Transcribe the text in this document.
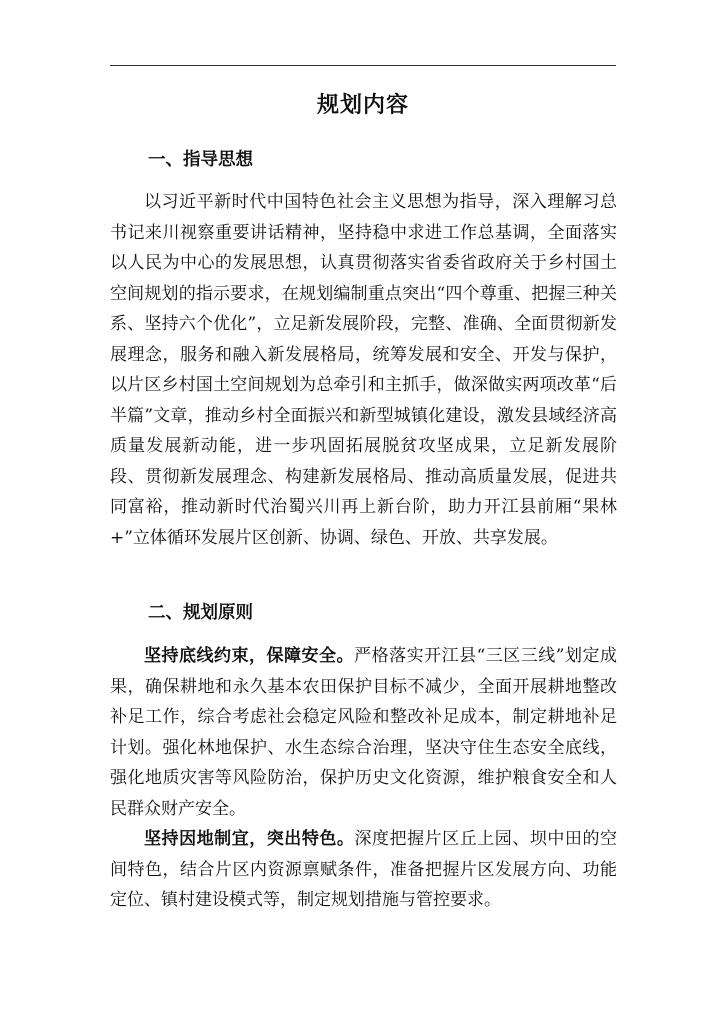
规划内容
一、指导思想

以习近平新时代中国特色社会主义思想为指导，深入理解习总书记来川视察重要讲话精神，坚持稳中求进工作总基调，全面落实以人民为中心的发展思想，认真贯彻落实省委省政府关于乡村国土空间规划的指示要求，在规划编制重点突出“四个尊重、把握三种关系、坚持六个优化”，立足新发展阶段，完整、准确、全面贯彻新发展理念，服务和融入新发展格局，统筹发展和安全、开发与保护，以片区乡村国土空间规划为总牵引和主抓手，做深做实两项改革“后半篇”文章，推动乡村全面振兴和新型城镇化建设，激发县域经济高质量发展新动能，进一步巩固拓展脱贫攻坚成果，立足新发展阶段、贯彻新发展理念、构建新发展格局、推动高质量发展，促进共同富裕，推动新时代治蜀兴川再上新台阶，助力开江县前厢“果林+”立体循环发展片区创新、协调、绿色、开放、共享发展。

二、规划原则

坚持底线约束，保障安全。严格落实开江县“三区三线”划定成果，确保耕地和永久基本农田保护目标不减少，全面开展耕地整改补足工作，综合考虑社会稳定风险和整改补足成本，制定耕地补足计划。强化林地保护、水生态综合治理，坚决守住生态安全底线，强化地质灾害等风险防治，保护历史文化资源，维护粮食安全和人民群众财产安全。

坚持因地制宜，突出特色。深度把握片区丘上园、坝中田的空间特色，结合片区内资源禀赋条件，准备把握片区发展方向、功能定位、镇村建设模式等，制定规划措施与管控要求。
